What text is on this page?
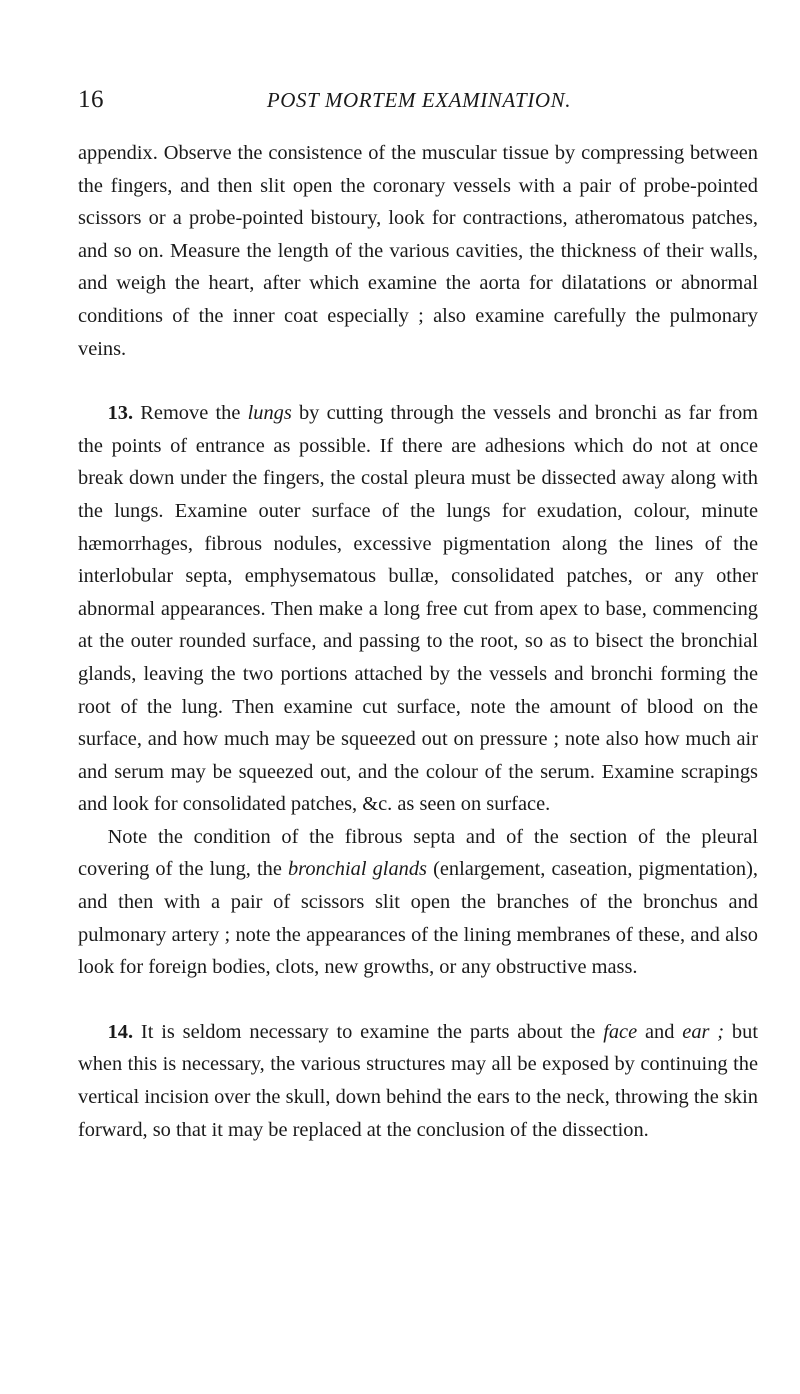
16	POST MORTEM EXAMINATION.

appendix. Observe the consistence of the muscular tissue by compressing between the fingers, and then slit open the coronary vessels with a pair of probe-pointed scissors or a probe-pointed bistoury, look for contractions, atheromatous patches, and so on. Measure the length of the various cavities, the thickness of their walls, and weigh the heart, after which examine the aorta for dilatations or abnormal conditions of the inner coat especially ; also examine carefully the pulmonary veins.

13. Remove the lungs by cutting through the vessels and bronchi as far from the points of entrance as possible. If there are adhesions which do not at once break down under the fingers, the costal pleura must be dissected away along with the lungs. Examine outer surface of the lungs for exudation, colour, minute hæmorrhages, fibrous nodules, excessive pigmentation along the lines of the interlobular septa, emphysematous bullæ, consolidated patches, or any other abnormal appearances. Then make a long free cut from apex to base, commencing at the outer rounded surface, and passing to the root, so as to bisect the bronchial glands, leaving the two portions attached by the vessels and bronchi forming the root of the lung. Then examine cut surface, note the amount of blood on the surface, and how much may be squeezed out on pressure ; note also how much air and serum may be squeezed out, and the colour of the serum. Examine scrapings and look for consolidated patches, &c. as seen on surface.

Note the condition of the fibrous septa and of the section of the pleural covering of the lung, the bronchial glands (enlargement, caseation, pigmentation), and then with a pair of scissors slit open the branches of the bronchus and pulmonary artery ; note the appearances of the lining membranes of these, and also look for foreign bodies, clots, new growths, or any obstructive mass.

14. It is seldom necessary to examine the parts about the face and ear ; but when this is necessary, the various structures may all be exposed by continuing the vertical incision over the skull, down behind the ears to the neck, throwing the skin forward, so that it may be replaced at the conclusion of the dissection.
